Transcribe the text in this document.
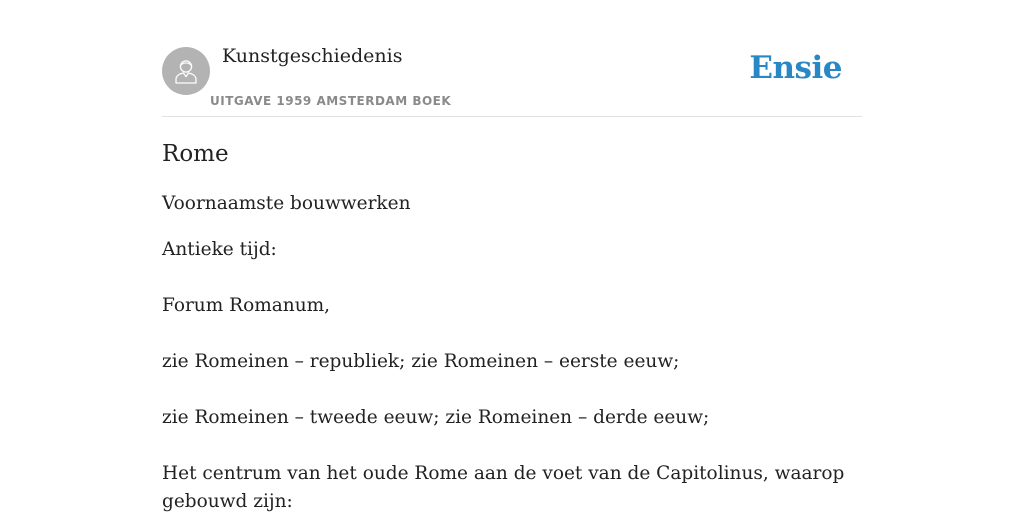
Kunstgeschiedenis
UITGAVE 1959 AMSTERDAM BOEK
Ensie
Rome

Voornaamste bouwwerken

Antieke tijd:

Forum Romanum,

zie Romeinen – republiek; zie Romeinen – eerste eeuw;

zie Romeinen – tweede eeuw; zie Romeinen – derde eeuw;

Het centrum van het oude Rome aan de voet van de Capitolinus, waarop gebouwd zijn:
